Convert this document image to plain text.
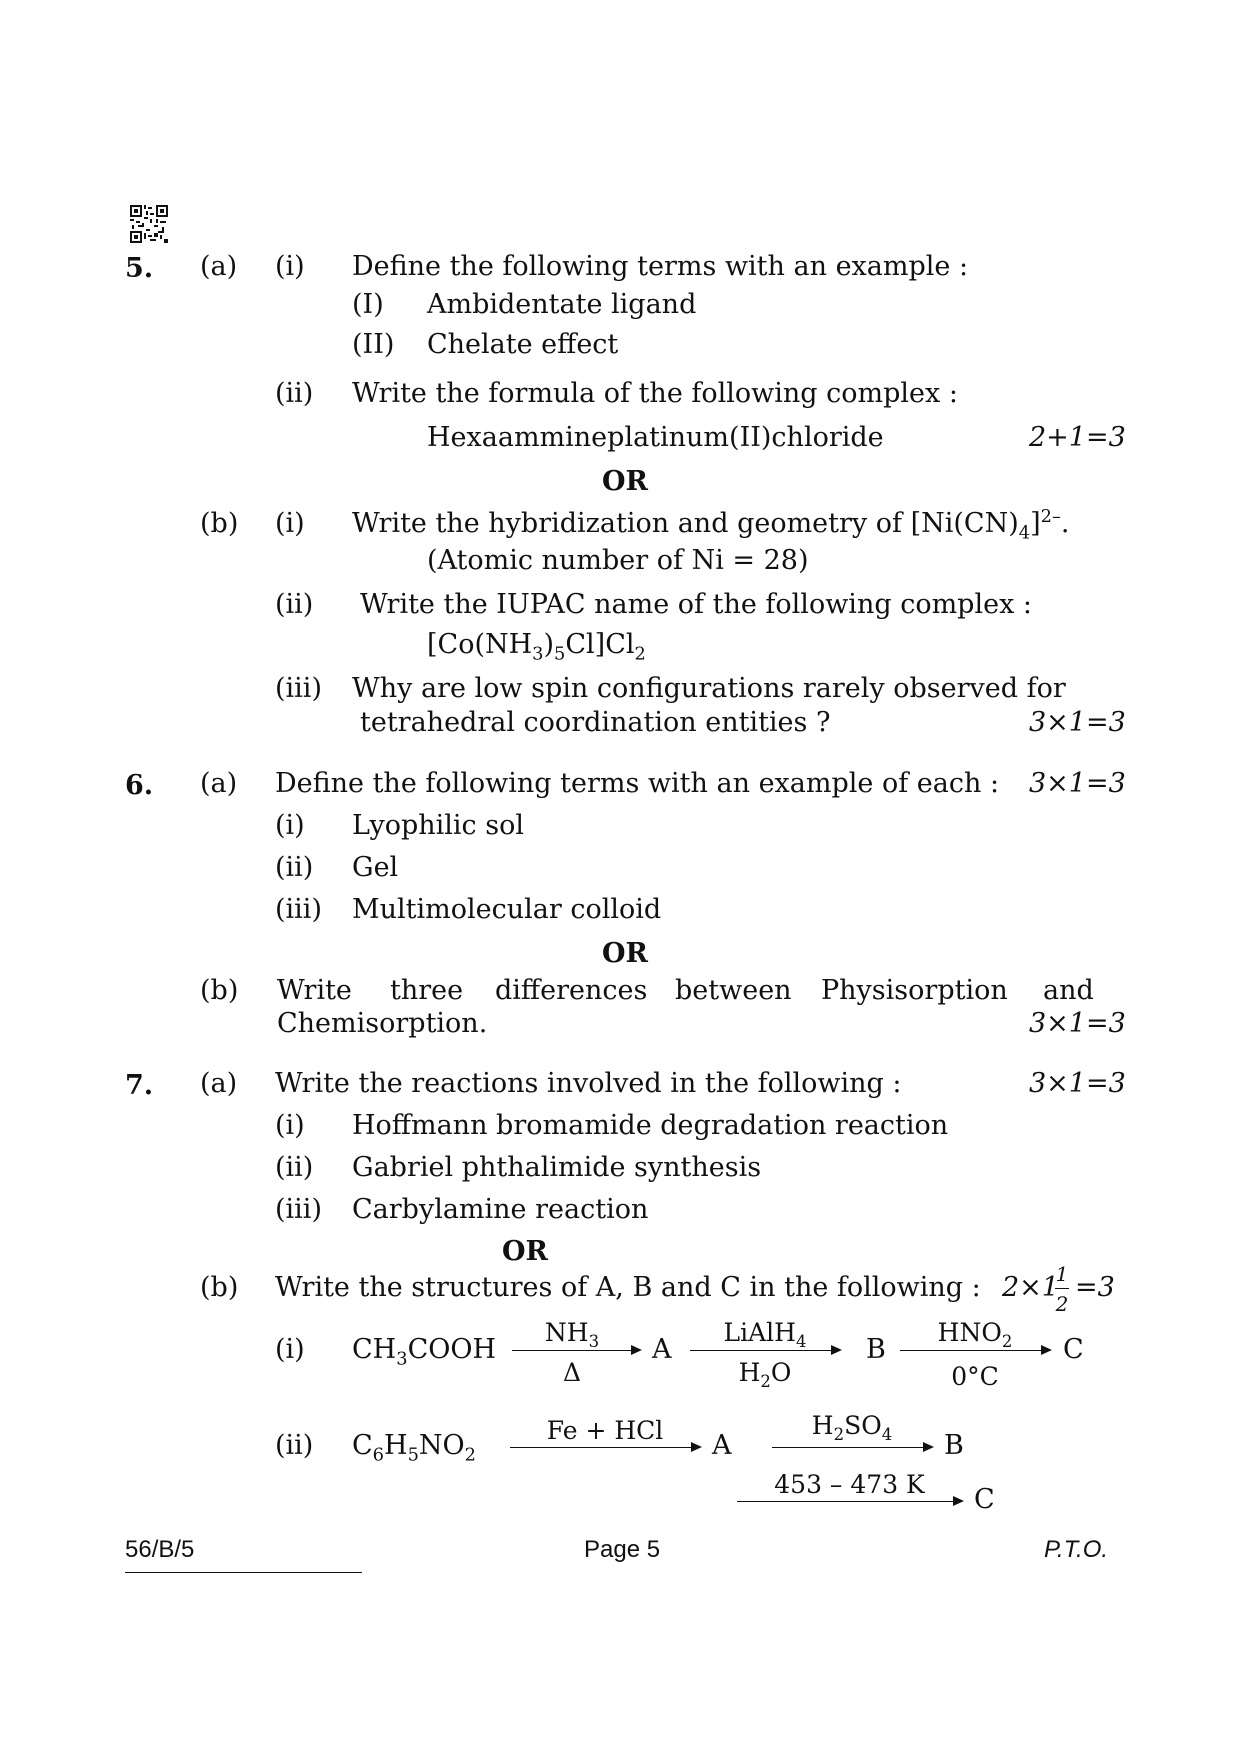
5. (a) (i) Define the following terms with an example :
(I) Ambidentate ligand
(II) Chelate effect
(ii) Write the formula of the following complex :
Hexaammineplatinum(II)chloride	2+1=3
OR
(b) (i) Write the hybridization and geometry of $[Ni(CN)_4]^{2-}$.
(Atomic number of Ni = 28)
(ii) Write the IUPAC name of the following complex :
$[Co(NH_3)_5Cl]Cl_2$
(iii) Why are low spin configurations rarely observed for
tetrahedral coordination entities ?	3×1=3
6. (a) Define the following terms with an example of each : 3×1=3
(i) Lyophilic sol
(ii) Gel
(iii) Multimolecular colloid
OR
(b) Write three differences between Physisorption and
Chemisorption.	3×1=3
7. (a) Write the reactions involved in the following :	3×1=3
(i) Hoffmann bromamide degradation reaction
(ii) Gabriel phthalimide synthesis
(iii) Carbylamine reaction
OR
(b) Write the structures of A, B and C in the following : 2×1 =3
1
2
(i) $CH_3COOH$
$NH_3$
Δ
A
LiAlH$_4$
$H_2O$
B
$HNO_2$
0°C
C
(ii) $C_6H_5NO_2$
Fe + HCl	A
$H_2SO_4$	B
453 – 473 K	C
56/B/5	Page 5	P.T.O.
